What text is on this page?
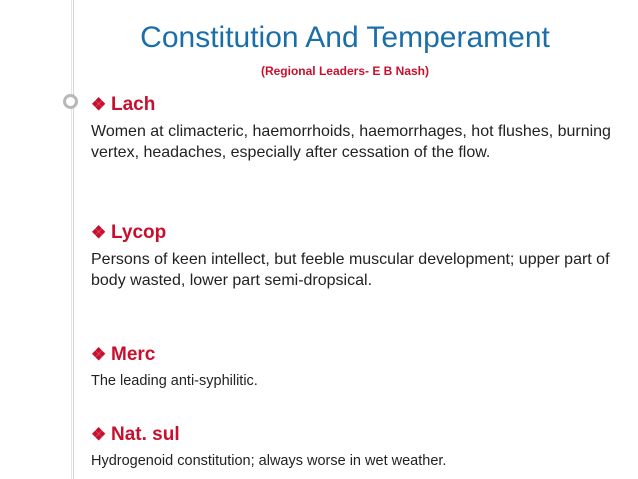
Constitution And Temperament
(Regional Leaders- E B Nash)
❖ Lach
Women at climacteric, haemorrhoids, haemorrhages, hot flushes, burning vertex, headaches, especially after cessation of the flow.
❖ Lycop
Persons of keen intellect, but feeble muscular development; upper part of body wasted, lower part semi-dropsical.
❖ Merc
The leading anti-syphilitic.
❖ Nat. sul
Hydrogenoid constitution; always worse in wet weather.
